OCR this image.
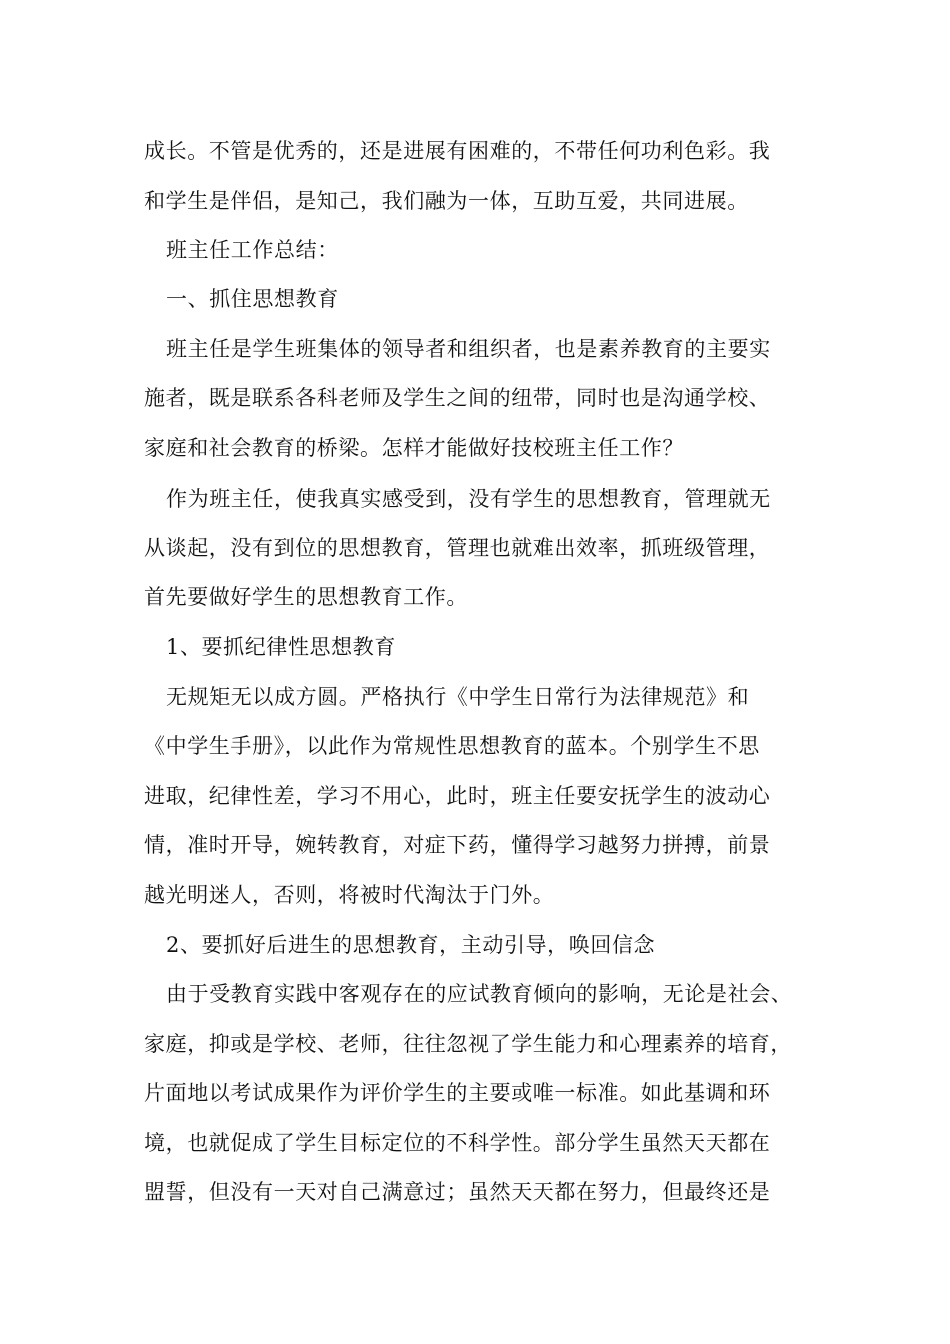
成长。不管是优秀的，还是进展有困难的，不带任何功利色彩。我
和学生是伴侣，是知己，我们融为一体，互助互爱，共同进展。
班主任工作总结：
一、抓住思想教育
班主任是学生班集体的领导者和组织者，也是素养教育的主要实
施者，既是联系各科老师及学生之间的纽带，同时也是沟通学校、
家庭和社会教育的桥梁。怎样才能做好技校班主任工作？
作为班主任，使我真实感受到，没有学生的思想教育，管理就无
从谈起，没有到位的思想教育，管理也就难出效率，抓班级管理，
首先要做好学生的思想教育工作。
1、要抓纪律性思想教育
无规矩无以成方圆。严格执行《中学生日常行为法律规范》和
《中学生手册》，以此作为常规性思想教育的蓝本。个别学生不思
进取，纪律性差，学习不用心，此时，班主任要安抚学生的波动心
情，准时开导，婉转教育，对症下药，懂得学习越努力拼搏，前景
越光明迷人，否则，将被时代淘汰于门外。
2、要抓好后进生的思想教育，主动引导，唤回信念
由于受教育实践中客观存在的应试教育倾向的影响，无论是社会、
家庭，抑或是学校、老师，往往忽视了学生能力和心理素养的培育，
片面地以考试成果作为评价学生的主要或唯一标准。如此基调和环
境，也就促成了学生目标定位的不科学性。部分学生虽然天天都在
盟誓，但没有一天对自己满意过；虽然天天都在努力，但最终还是
